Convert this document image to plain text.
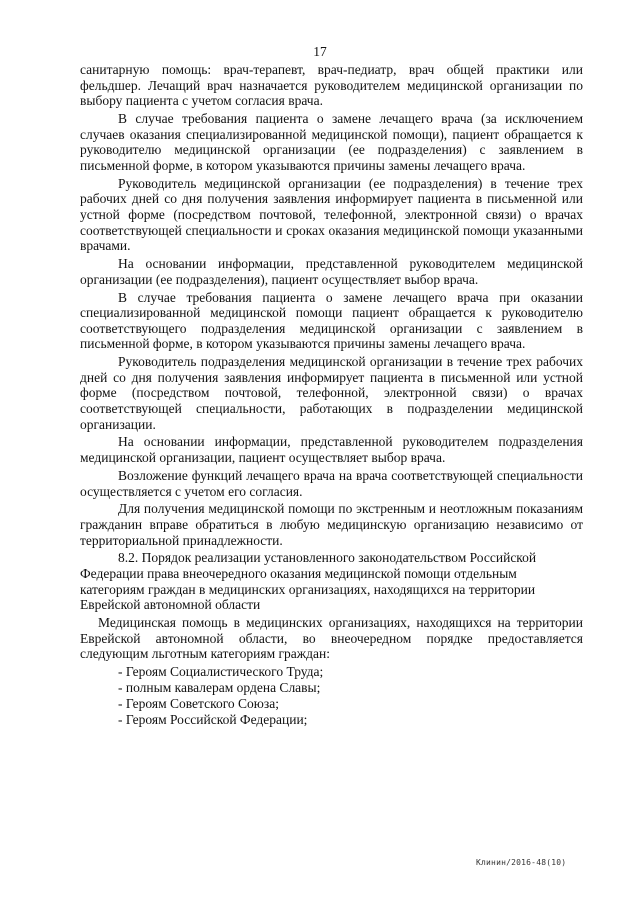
17

санитарную помощь: врач-терапевт, врач-педиатр, врач общей практики или фельдшер. Лечащий врач назначается руководителем медицинской организации по выбору пациента с учетом согласия врача.

В случае требования пациента о замене лечащего врача (за исключением случаев оказания специализированной медицинской помощи), пациент обращается к руководителю медицинской организации (ее подразделения) с заявлением в письменной форме, в котором указываются причины замены лечащего врача.

Руководитель медицинской организации (ее подразделения) в течение трех рабочих дней со дня получения заявления информирует пациента в письменной или устной форме (посредством почтовой, телефонной, электронной связи) о врачах соответствующей специальности и сроках оказания медицинской помощи указанными врачами.

На основании информации, представленной руководителем медицинской организации (ее подразделения), пациент осуществляет выбор врача.

В случае требования пациента о замене лечащего врача при оказании специализированной медицинской помощи пациент обращается к руководителю соответствующего подразделения медицинской организации с заявлением в письменной форме, в котором указываются причины замены лечащего врача.

Руководитель подразделения медицинской организации в течение трех рабочих дней со дня получения заявления информирует пациента в письменной или устной форме (посредством почтовой, телефонной, электронной связи) о врачах соответствующей специальности, работающих в подразделении медицинской организации.

На основании информации, представленной руководителем подразделения медицинской организации, пациент осуществляет выбор врача.

Возложение функций лечащего врача на врача соответствующей специальности осуществляется с учетом его согласия.

Для получения медицинской помощи по экстренным и неотложным показаниям гражданин вправе обратиться в любую медицинскую организацию независимо от территориальной принадлежности.

8.2. Порядок реализации установленного законодательством Российской Федерации права внеочередного оказания медицинской помощи отдельным категориям граждан в медицинских организациях, находящихся на территории Еврейской автономной области

Медицинская помощь в медицинских организациях, находящихся на территории Еврейской автономной области, во внеочередном порядке предоставляется следующим льготным категориям граждан:

- Героям Социалистического Труда;
- полным кавалерам ордена Славы;
- Героям Советского Союза;
- Героям Российской Федерации;
Клинин/2016-48(10)
